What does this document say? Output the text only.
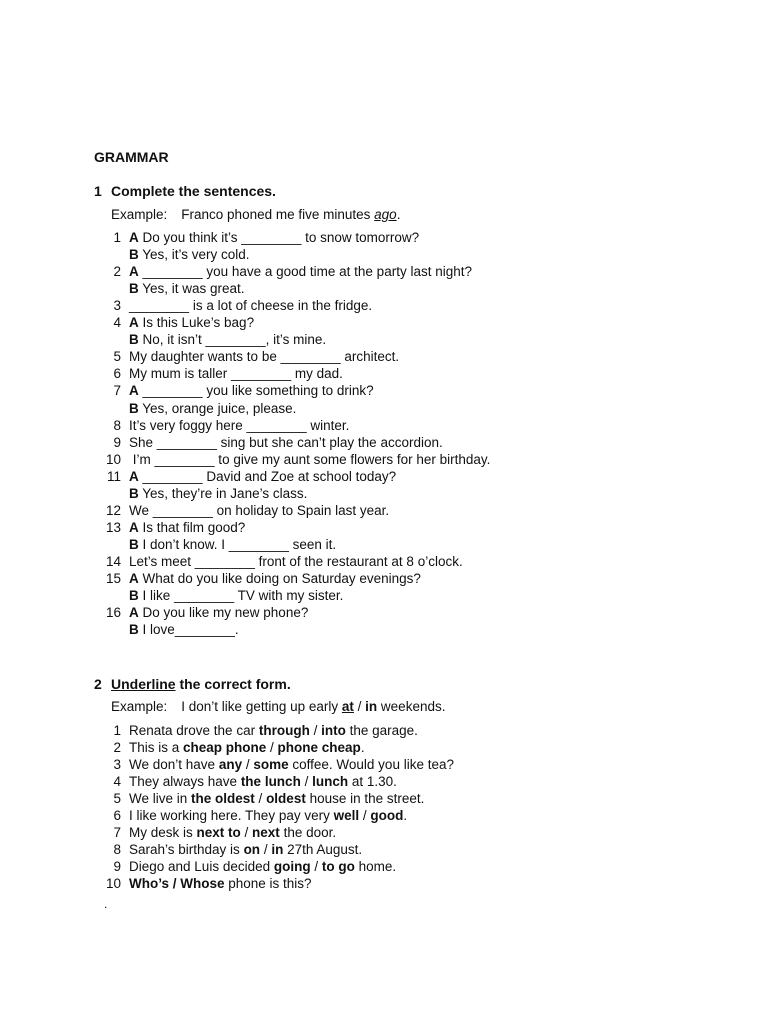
GRAMMAR
1 Complete the sentences.
Example: Franco phoned me five minutes ago.
1 A Do you think it’s ________ to snow tomorrow?
B Yes, it’s very cold.
2 A ________ you have a good time at the party last night?
B Yes, it was great.
3 ________ is a lot of cheese in the fridge.
4 A Is this Luke’s bag?
B No, it isn’t ________, it’s mine.
5 My daughter wants to be ________ architect.
6 My mum is taller ________ my dad.
7 A ________ you like something to drink?
B Yes, orange juice, please.
8 It’s very foggy here ________ winter.
9 She ________ sing but she can’t play the accordion.
10 I’m ________ to give my aunt some flowers for her birthday.
11 A ________ David and Zoe at school today?
B Yes, they’re in Jane’s class.
12 We ________ on holiday to Spain last year.
13 A Is that film good?
B I don’t know. I ________ seen it.
14 Let’s meet ________ front of the restaurant at 8 o’clock.
15 A What do you like doing on Saturday evenings?
B I like ________ TV with my sister.
16 A Do you like my new phone?
B I love________.
2 Underline the correct form.
Example: I don’t like getting up early at / in weekends.
1 Renata drove the car through / into the garage.
2 This is a cheap phone / phone cheap.
3 We don’t have any / some coffee. Would you like tea?
4 They always have the lunch / lunch at 1.30.
5 We live in the oldest / oldest house in the street.
6 I like working here. They pay very well / good.
7 My desk is next to / next the door.
8 Sarah’s birthday is on / in 27th August.
9 Diego and Luis decided going / to go home.
10 Who’s / Whose phone is this?
.
